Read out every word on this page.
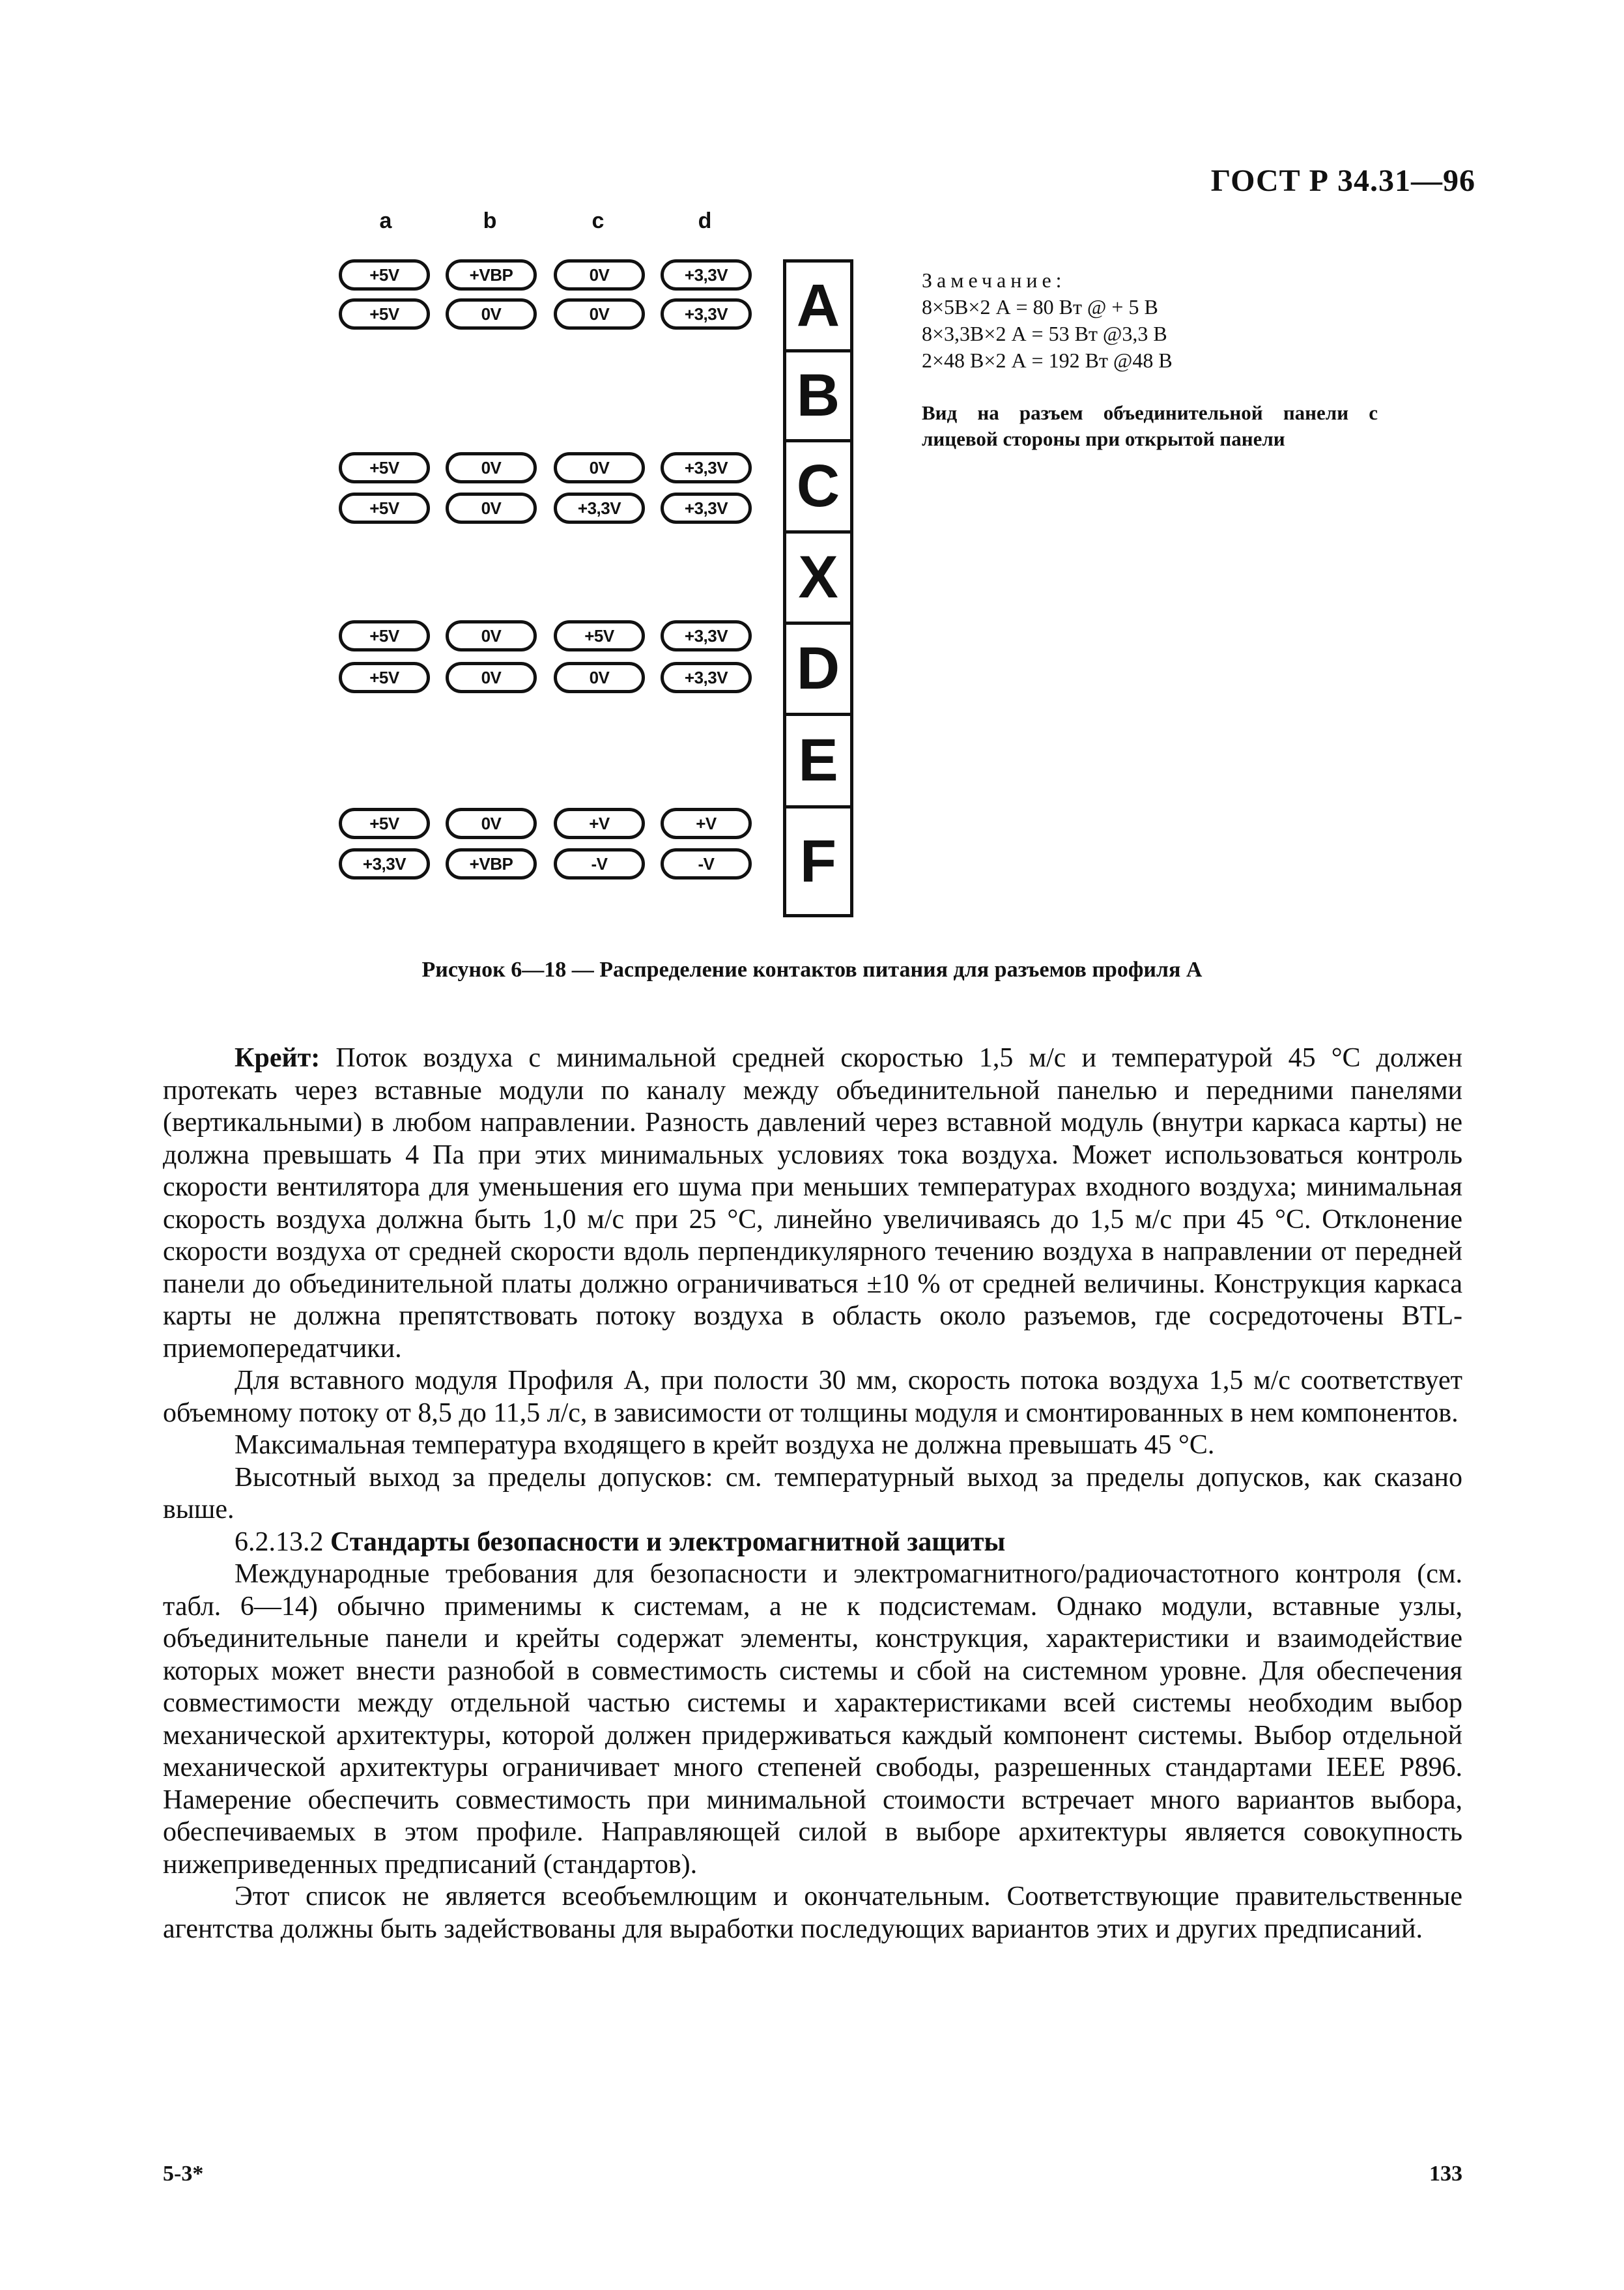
ГОСТ Р 34.31—96
a	b	c	d
+5V	+VBP	0V	+3,3V
+5V	0V	0V	+3,3V
+5V	0V	0V	+3,3V
+5V	0V	+3,3V	+3,3V
+5V	0V	+5V	+3,3V
+5V	0V	0V	+3,3V
+5V	0V	+V	+V
+3,3V	+VBP	-V	-V
A
B
C
X
D
E
F
Замечание:
8×5В×2 А = 80 Вт @ + 5 В
8×3,3В×2 А = 53 Вт @3,3 В
2×48 В×2 А = 192 Вт @48 В
Вид на разъем объединительной панели с лицевой стороны при открытой панели
Рисунок 6—18 — Распределение контактов питания для разъемов профиля А

Крейт: Поток воздуха с минимальной средней скоростью 1,5 м/с и температурой 45 °С должен протекать через вставные модули по каналу между объединительной панелью и передними панелями (вертикальными) в любом направлении. Разность давлений через вставной модуль (внутри каркаса карты) не должна превышать 4 Па при этих минимальных условиях тока воздуха. Может использоваться контроль скорости вентилятора для уменьшения его шума при меньших температурах входного воздуха; минимальная скорость воздуха должна быть 1,0 м/с при 25 °С, линейно увеличиваясь до 1,5 м/с при 45 °С. Отклонение скорости воздуха от средней скорости вдоль перпендикулярного течению воздуха в направлении от передней панели до объединительной платы должно ограничиваться ±10 % от средней величины. Конструкция каркаса карты не должна препятствовать потоку воздуха в область около разъемов, где сосредоточены BTL-приемопередатчики.

Для вставного модуля Профиля А, при полости 30 мм, скорость потока воздуха 1,5 м/с соответствует объемному потоку от 8,5 до 11,5 л/с, в зависимости от толщины модуля и смонтированных в нем компонентов.

Максимальная температура входящего в крейт воздуха не должна превышать 45 °С.

Высотный выход за пределы допусков: см. температурный выход за пределы допусков, как сказано выше.

6.2.13.2 Стандарты безопасности и электромагнитной защиты

Международные требования для безопасности и электромагнитного/радиочастотного контроля (см. табл. 6—14) обычно применимы к системам, а не к подсистемам. Однако модули, вставные узлы, объединительные панели и крейты содержат элементы, конструкция, характеристики и взаимодействие которых может внести разнобой в совместимость системы и сбой на системном уровне. Для обеспечения совместимости между отдельной частью системы и характеристиками всей системы необходим выбор механической архитектуры, которой должен придерживаться каждый компонент системы. Выбор отдельной механической архитектуры ограничивает много степеней свободы, разрешенных стандартами IEEE P896. Намерение обеспечить совместимость при минимальной стоимости встречает много вариантов выбора, обеспечиваемых в этом профиле. Направляющей силой в выборе архитектуры является совокупность нижеприведенных предписаний (стандартов).

Этот список не является всеобъемлющим и окончательным. Соответствующие правительственные агентства должны быть задействованы для выработки последующих вариантов этих и других предписаний.

5-3*	133
